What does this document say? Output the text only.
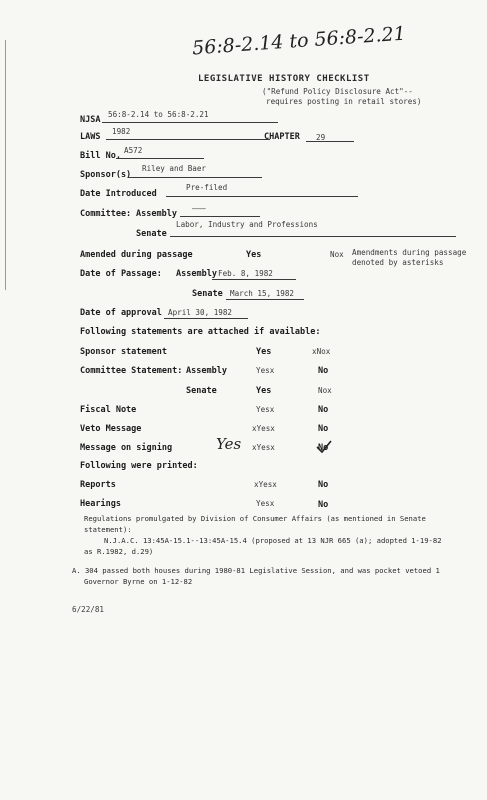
56:8-2.14 to 56:8-2.21
LEGISLATIVE HISTORY CHECKLIST
("Refund Policy Disclosure Act"--
requires posting in retail stores)
NJSA
56:8-2.14 to 56:8-2.21
LAWS
1982
CHAPTER 29
Bill No.
A572
Sponsor(s)
Riley and Baer
Date Introduced
Pre-filed
Committee: Assembly
———
Labor, Industry and Professions
Senate
Amended during passage	Yes	Nox Amendments during passage
denoted by asterisks
Date of Passage: Assembly Feb. 8, 1982
Senate March 15, 1982
Date of approval April 30, 1982
Following statements are attached if available:
Sponsor statement	Yes	xNox
Committee Statement: Assembly	Yesx	No
Senate	Yes	Nox
Fiscal Note	Yesx	No
Veto Message	xYesx	No
Message on signing	Yes xYesx	No
Following were printed:
Reports	xYesx	No
Hearings	Yesx	No
Regulations promulgated by Division of Consumer Affairs (as mentioned in Senate
statement):
N.J.A.C. 13:45A-15.1--13:45A-15.4 (proposed at 13 NJR 665 (a); adopted 1-19-82
as R.1982, d.29)
A. 304 passed both houses during 1980-81 Legislative Session, and was pocket vetoed 1
Governor Byrne on 1-12-82
6/22/81
